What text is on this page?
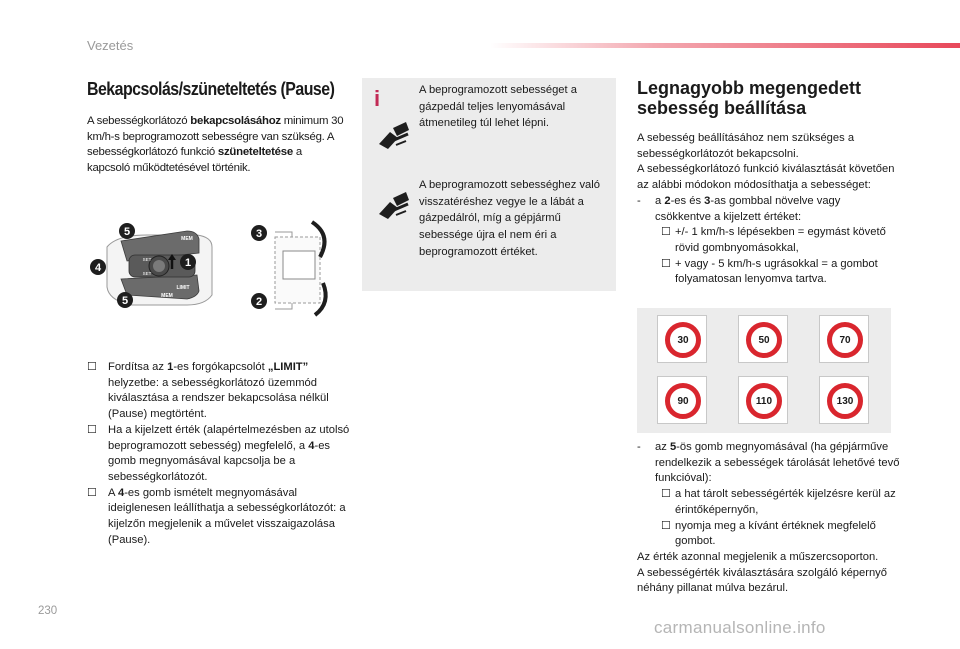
Vezetés
Bekapcsolás/szüneteltetés (Pause)
A sebességkorlátozó bekapcsolásához minimum 30 km/h-s beprogramozott sebességre van szükség. A sebességkorlátozó funkció szüneteltetése a kapcsoló működtetésével történik.
MEM
SET
SET
LIMIT
MEM
1
4
5
5
3
2
☐ Fordítsa az 1-es forgókapcsolót „LIMIT” helyzetbe: a sebességkorlátozó üzemmód kiválasztása a rendszer bekapcsolása nélkül (Pause) megtörtént.
☐ Ha a kijelzett érték (alapértelmezésben az utolsó beprogramozott sebesség) megfelelő, a 4-es gomb megnyomásával kapcsolja be a sebességkorlátozót.
☐ A 4-es gomb ismételt megnyomásával ideiglenesen leállíthatja a sebességkorlátozót: a kijelzőn megjelenik a művelet visszaigazolása (Pause).
i	A beprogramozott sebességet a gázpedál teljes lenyomásával átmenetileg túl lehet lépni.
A beprogramozott sebességhez való visszatéréshez vegye le a lábát a gázpedálról, míg a gépjármű sebessége újra el nem éri a beprogramozott értéket.
Legnagyobb megengedett sebesség beállítása
A sebesség beállításához nem szükséges a sebességkorlátozót bekapcsolni.
A sebességkorlátozó funkció kiválasztását követően az alábbi módokon módosíthatja a sebességet:
- a 2-es és 3-as gombbal növelve vagy csökkentve a kijelzett értéket:
☐ +/- 1 km/h-s lépésekben = egymást követő rövid gombnyomásokkal,
☐ + vagy - 5 km/h-s ugrásokkal = a gombot folyamatosan lenyomva tartva.
30	50	70
90	110	130
- az 5-ös gomb megnyomásával (ha gépjárműve rendelkezik a sebességek tárolását lehetővé tevő funkcióval):
☐ a hat tárolt sebességérték kijelzésre kerül az érintőképernyőn,
☐ nyomja meg a kívánt értéknek megfelelő gombot.
Az érték azonnal megjelenik a műszercsoporton.
A sebességérték kiválasztására szolgáló képernyő néhány pillanat múlva bezárul.
230
carmanualsonline.info
